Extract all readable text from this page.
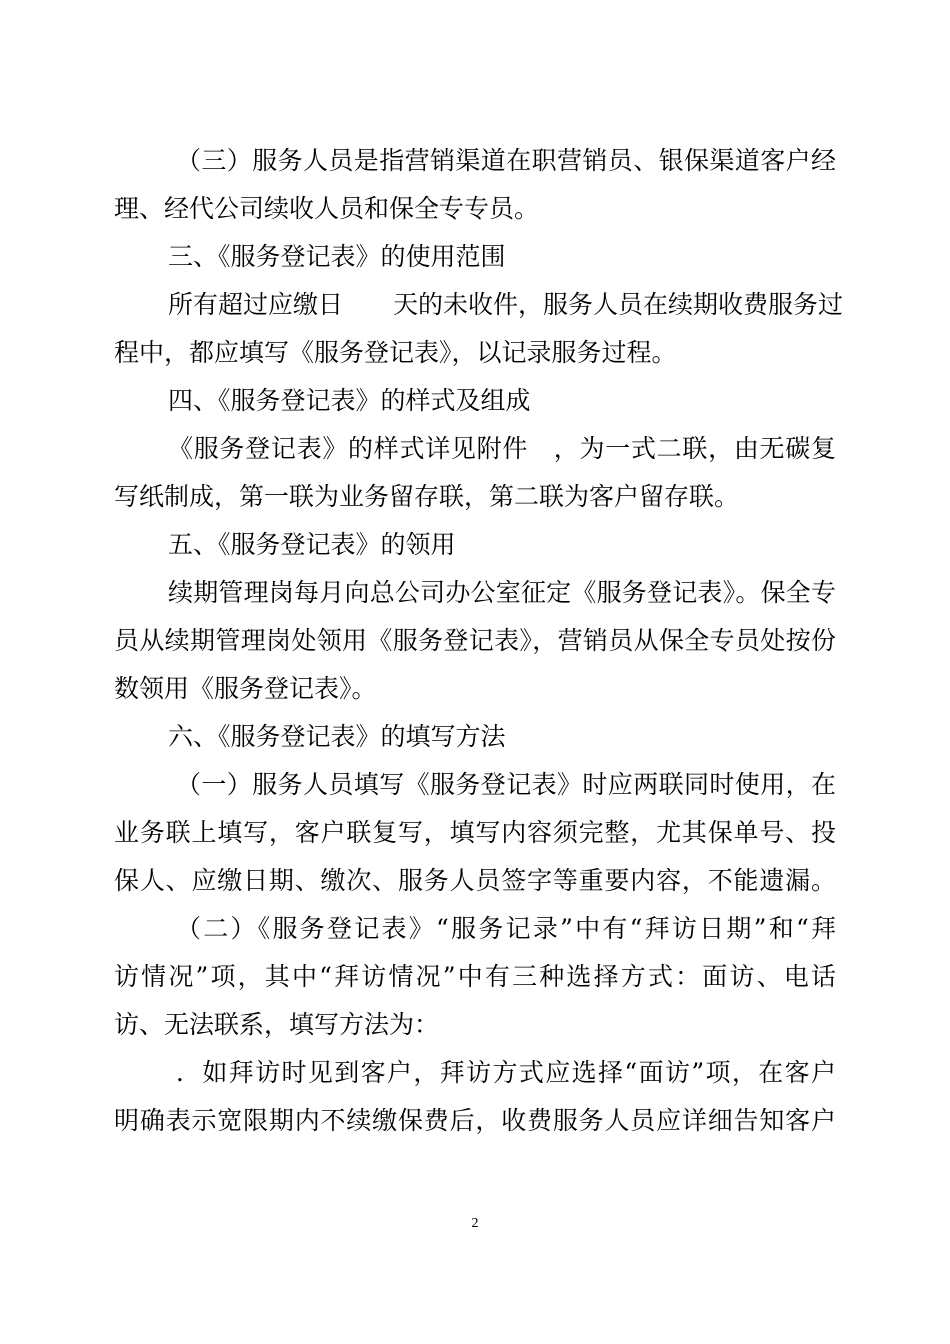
（三）服务人员是指营销渠道在职营销员、银保渠道客户经
理、经代公司续收人员和保全专专员。
三、《服务登记表》的使用范围
所有超过应缴日　　天的未收件，服务人员在续期收费服务过
程中，都应填写《服务登记表》，以记录服务过程。
四、《服务登记表》的样式及组成
《服务登记表》的样式详见附件　，为一式二联，由无碳复
写纸制成，第一联为业务留存联，第二联为客户留存联。
五、《服务登记表》的领用
续期管理岗每月向总公司办公室征定《服务登记表》。保全专
员从续期管理岗处领用《服务登记表》，营销员从保全专员处按份
数领用《服务登记表》。
六、《服务登记表》的填写方法
（一）服务人员填写《服务登记表》时应两联同时使用，在
业务联上填写，客户联复写，填写内容须完整，尤其保单号、投
保人、应缴日期、缴次、服务人员签字等重要内容，不能遗漏。
（二）《服务登记表》“服务记录”中有“拜访日期”和“拜
访情况”项，其中“拜访情况”中有三种选择方式：面访、电话
访、无法联系，填写方法为：
．如拜访时见到客户，拜访方式应选择“面访”项，在客户
明确表示宽限期内不续缴保费后，收费服务人员应详细告知客户
2
